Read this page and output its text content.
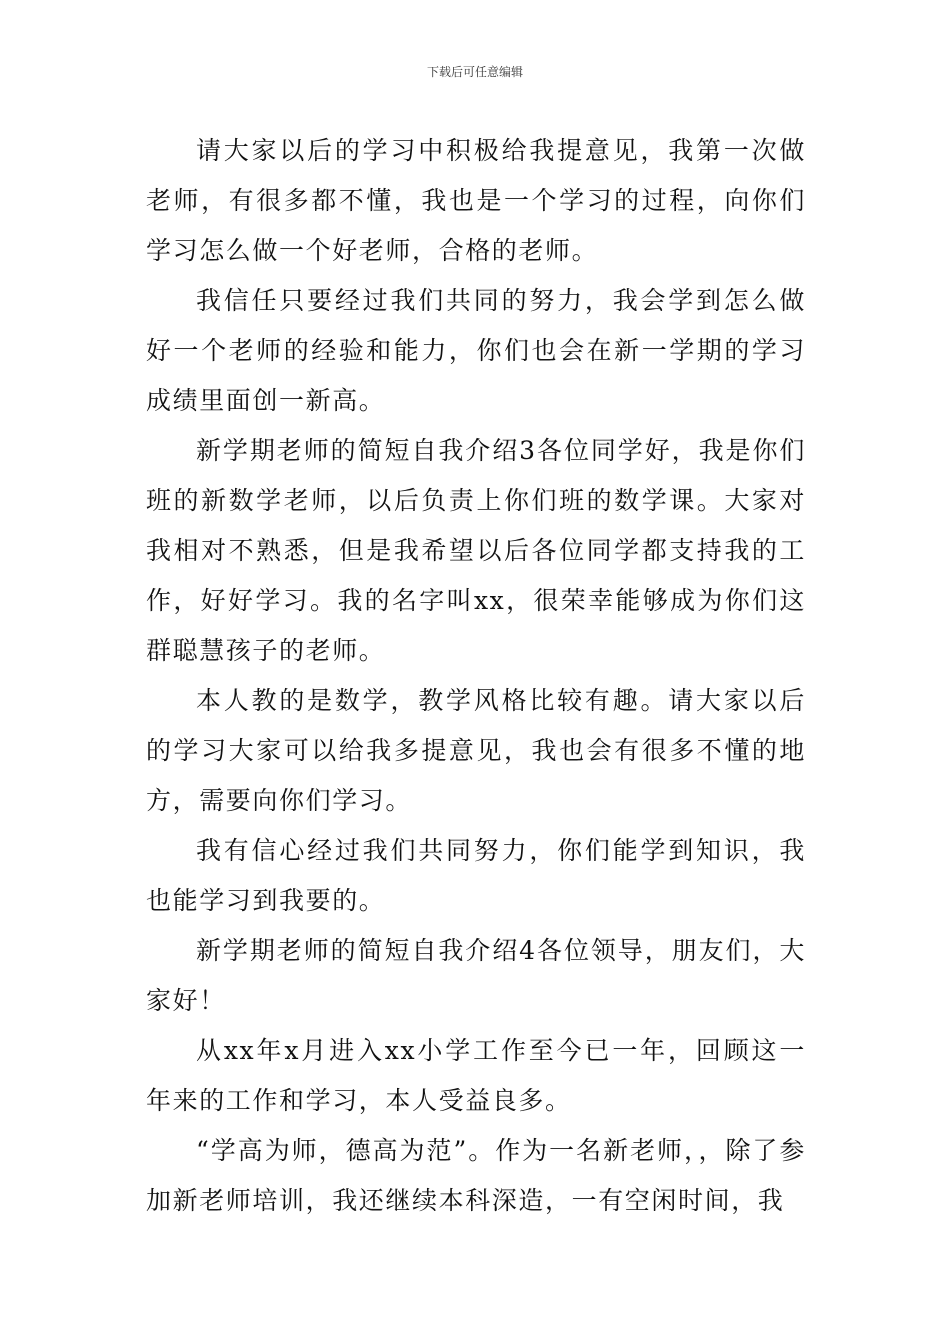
下载后可任意编辑

请大家以后的学习中积极给我提意见，我第一次做老师，有很多都不懂，我也是一个学习的过程，向你们学习怎么做一个好老师，合格的老师。

我信任只要经过我们共同的努力，我会学到怎么做好一个老师的经验和能力，你们也会在新一学期的学习成绩里面创一新高。

新学期老师的简短自我介绍3各位同学好，我是你们班的新数学老师，以后负责上你们班的数学课。大家对我相对不熟悉，但是我希望以后各位同学都支持我的工作，好好学习。我的名字叫xx，很荣幸能够成为你们这群聪慧孩子的老师。

本人教的是数学，教学风格比较有趣。请大家以后的学习大家可以给我多提意见，我也会有很多不懂的地方，需要向你们学习。

我有信心经过我们共同努力，你们能学到知识，我也能学习到我要的。

新学期老师的简短自我介绍4各位领导，朋友们，大家好！

从xx年x月进入xx小学工作至今已一年，回顾这一年来的工作和学习，本人受益良多。

“学高为师，德高为范”。作为一名新老师，，除了参加新老师培训，我还继续本科深造，一有空闲时间，我
